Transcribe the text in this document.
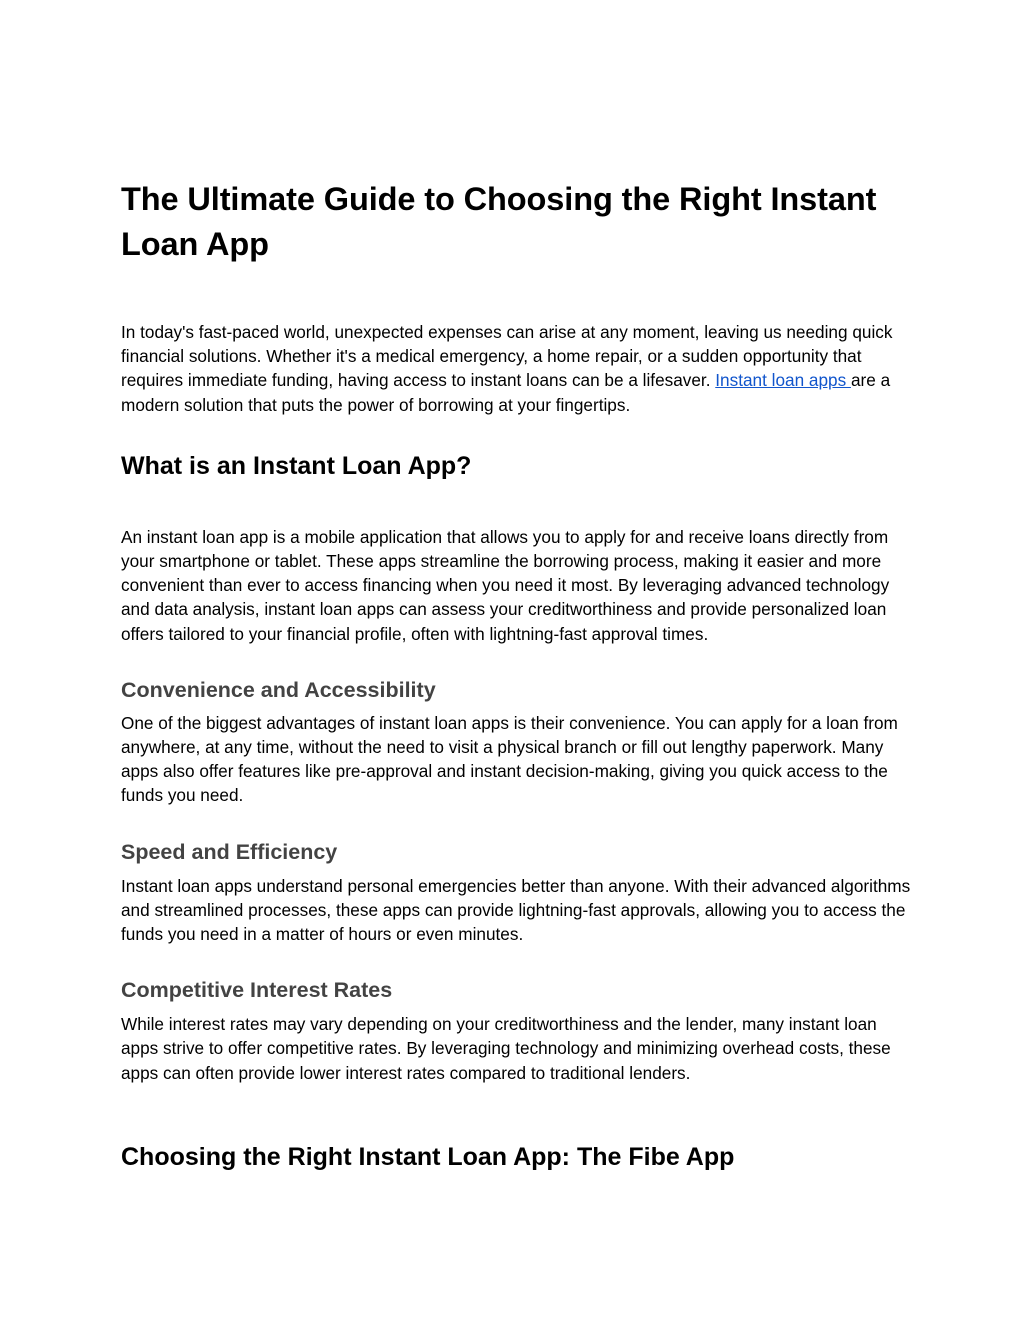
The Ultimate Guide to Choosing the Right Instant Loan App

In today's fast-paced world, unexpected expenses can arise at any moment, leaving us needing quick financial solutions. Whether it's a medical emergency, a home repair, or a sudden opportunity that requires immediate funding, having access to instant loans can be a lifesaver. Instant loan apps are a modern solution that puts the power of borrowing at your fingertips.

What is an Instant Loan App?

An instant loan app is a mobile application that allows you to apply for and receive loans directly from your smartphone or tablet. These apps streamline the borrowing process, making it easier and more convenient than ever to access financing when you need it most. By leveraging advanced technology and data analysis, instant loan apps can assess your creditworthiness and provide personalized loan offers tailored to your financial profile, often with lightning-fast approval times.

Convenience and Accessibility

One of the biggest advantages of instant loan apps is their convenience. You can apply for a loan from anywhere, at any time, without the need to visit a physical branch or fill out lengthy paperwork. Many apps also offer features like pre-approval and instant decision-making, giving you quick access to the funds you need.

Speed and Efficiency

Instant loan apps understand personal emergencies better than anyone. With their advanced algorithms and streamlined processes, these apps can provide lightning-fast approvals, allowing you to access the funds you need in a matter of hours or even minutes.

Competitive Interest Rates

While interest rates may vary depending on your creditworthiness and the lender, many instant loan apps strive to offer competitive rates. By leveraging technology and minimizing overhead costs, these apps can often provide lower interest rates compared to traditional lenders.

Choosing the Right Instant Loan App: The Fibe App
